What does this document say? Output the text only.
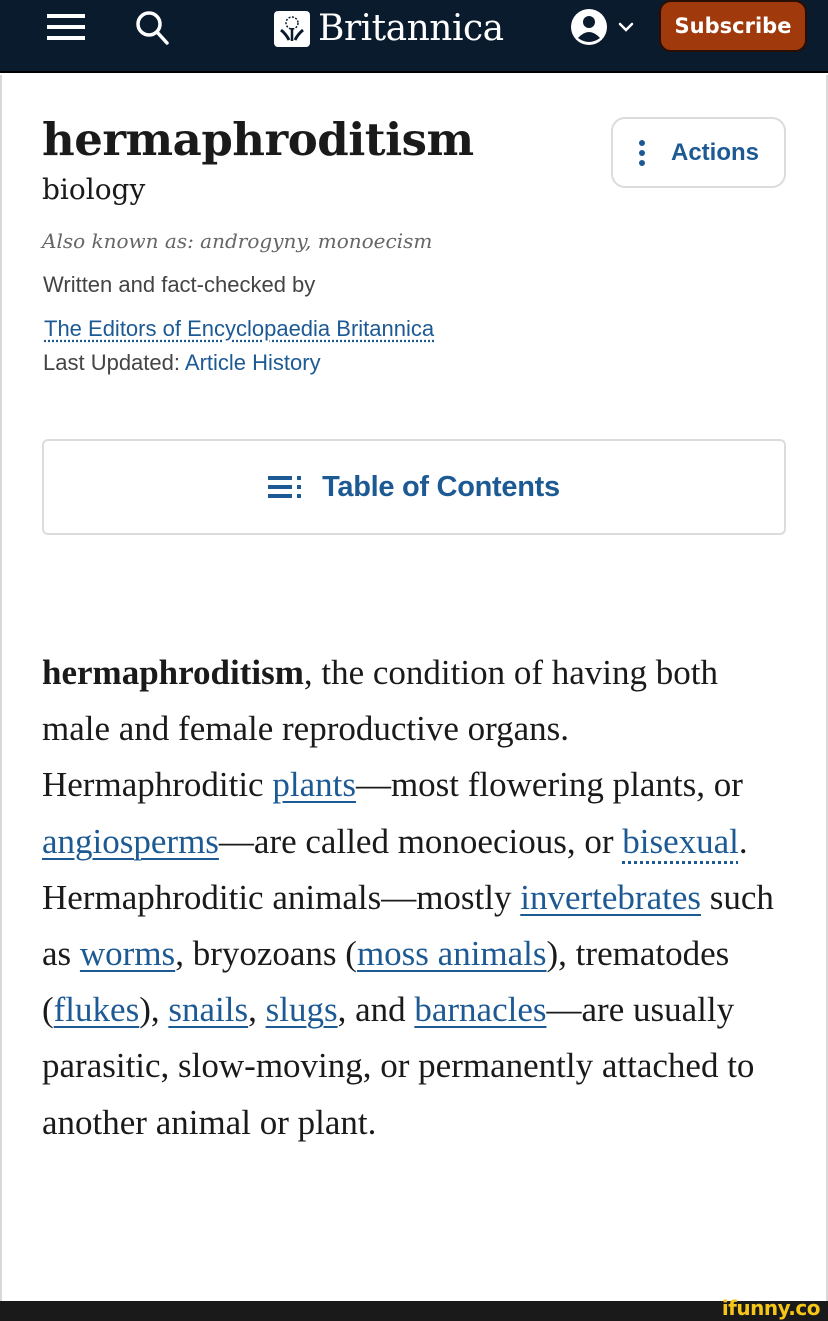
Britannica	Subscribe
hermaphroditism
biology
Also known as: androgyny, monoecism
Written and fact-checked by
The Editors of Encyclopaedia Britannica
Last Updated: Article History
Actions
Table of Contents
hermaphroditism, the condition of having both male and female reproductive organs. Hermaphroditic plants—most flowering plants, or angiosperms—are called monoecious, or bisexual. Hermaphroditic animals—mostly invertebrates such as worms, bryozoans (moss animals), trematodes (flukes), snails, slugs, and barnacles—are usually parasitic, slow-moving, or permanently attached to another animal or plant.
ifunny.co
